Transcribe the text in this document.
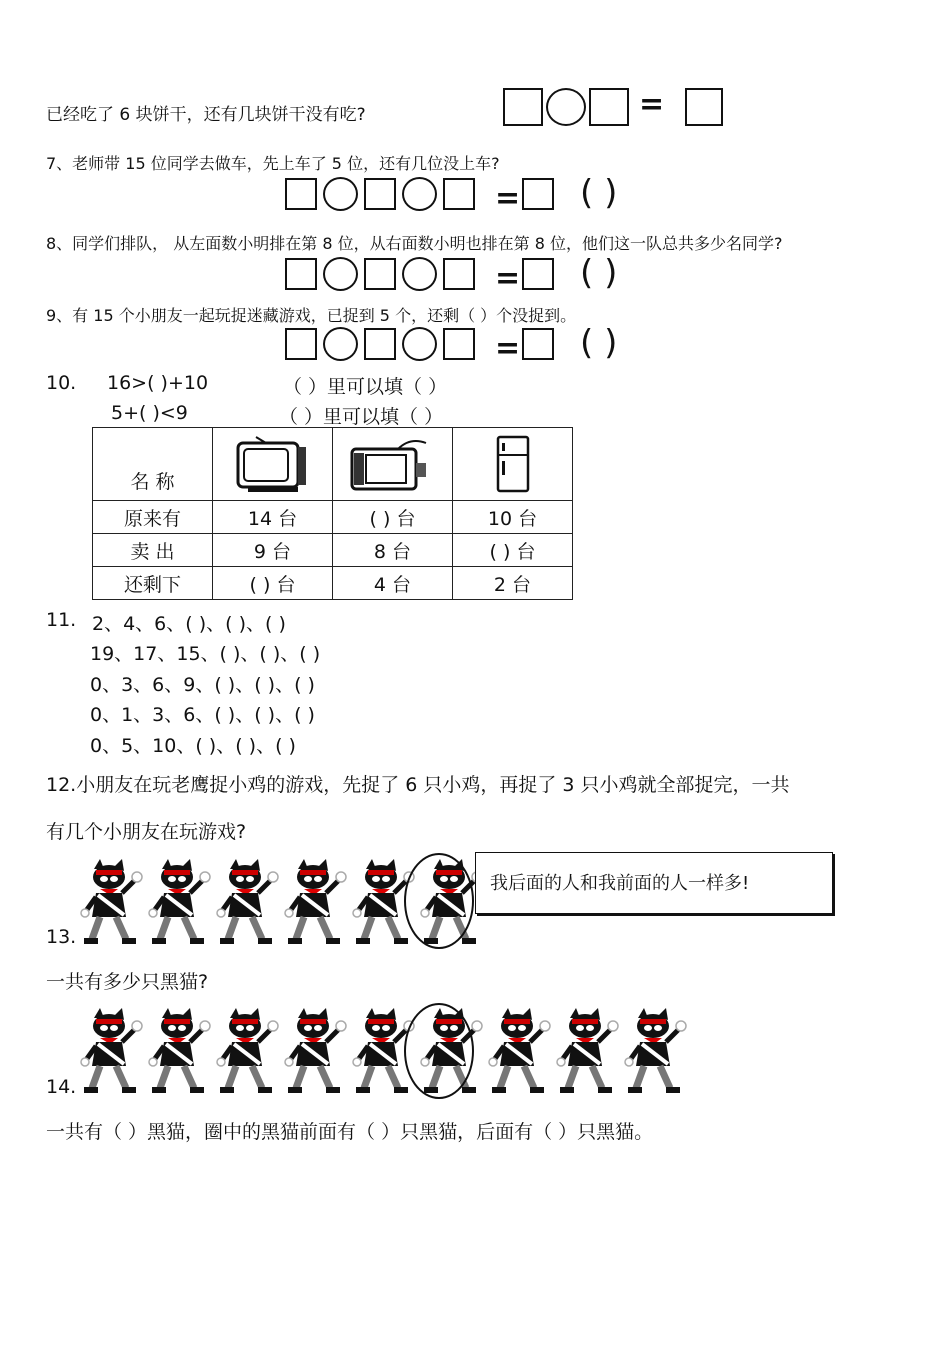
已经吃了 6 块饼干，还有几块饼干没有吃?	=
7、老师带 15 位同学去做车，先上车了 5 位，还有几位没上车?
= ( )
8、同学们排队， 从左面数小明排在第 8 位，从右面数小明也排在第 8 位，他们这一队总共多少名同学?
= ( )
9、有 15 个小朋友一起玩捉迷藏游戏，已捉到 5 个，还剩（ ）个没捉到。
= ( )
10. 16>( )+10	（ ）里可以填（ ）
5+( )<9	（ ）里可以填（ ）
名 称

原来有	14 台	( ) 台	10 台
卖 出	9 台	8 台	( ) 台
还剩下	( ) 台	4 台	2 台
11. 2、4、6、( )、( )、( )
19、17、15、( )、( )、( )
0、3、6、9、( )、( )、( )
0、1、3、6、( )、( )、( )
0、5、10、( )、( )、( )
12.小朋友在玩老鹰捉小鸡的游戏，先捉了 6 只小鸡，再捉了 3 只小鸡就全部捉完，一共
有几个小朋友在玩游戏?
13.
我后面的人和我前面的人一样多!
一共有多少只黑猫?
14.
一共有（ ）黑猫，圈中的黑猫前面有（ ）只黑猫，后面有（ ）只黑猫。
